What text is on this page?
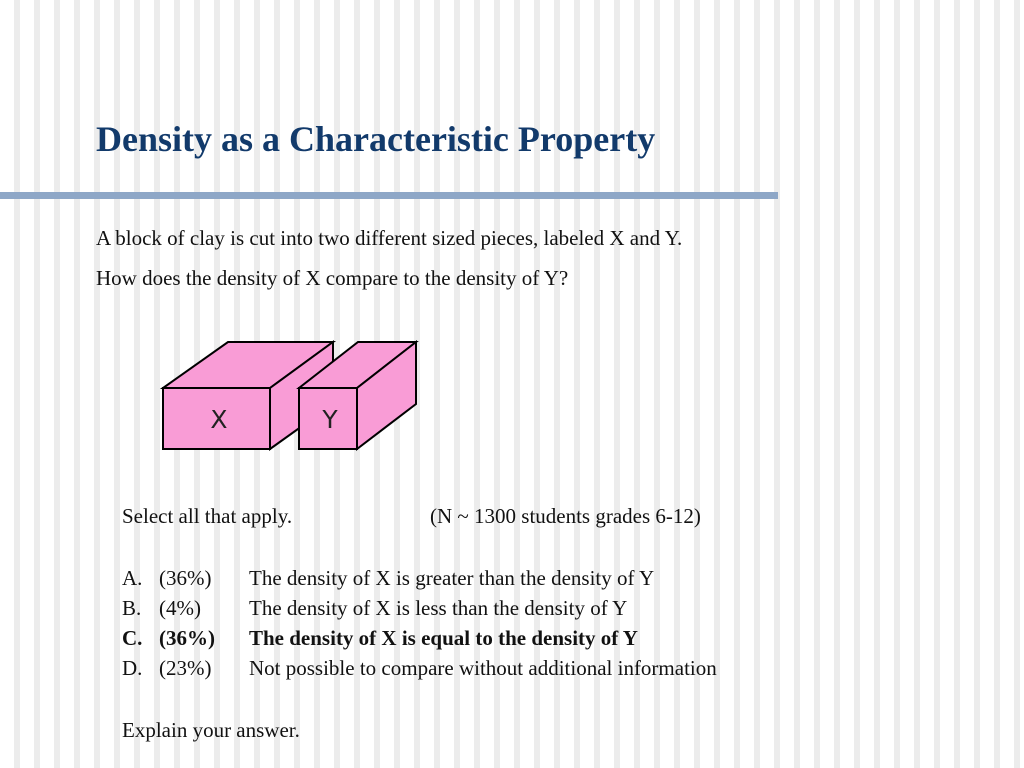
Density as a Characteristic Property

A block of clay is cut into two different sized pieces, labeled X and Y.

How does the density of X compare to the density of Y?

X	Y
Select all that apply.	(N ~ 1300 students grades 6-12)
A. (36%) The density of X is greater than the density of Y
B. (4%) The density of X is less than the density of Y
C. (36%) The density of X is equal to the density of Y
D. (23%) Not possible to compare without additional information

Explain your answer.
